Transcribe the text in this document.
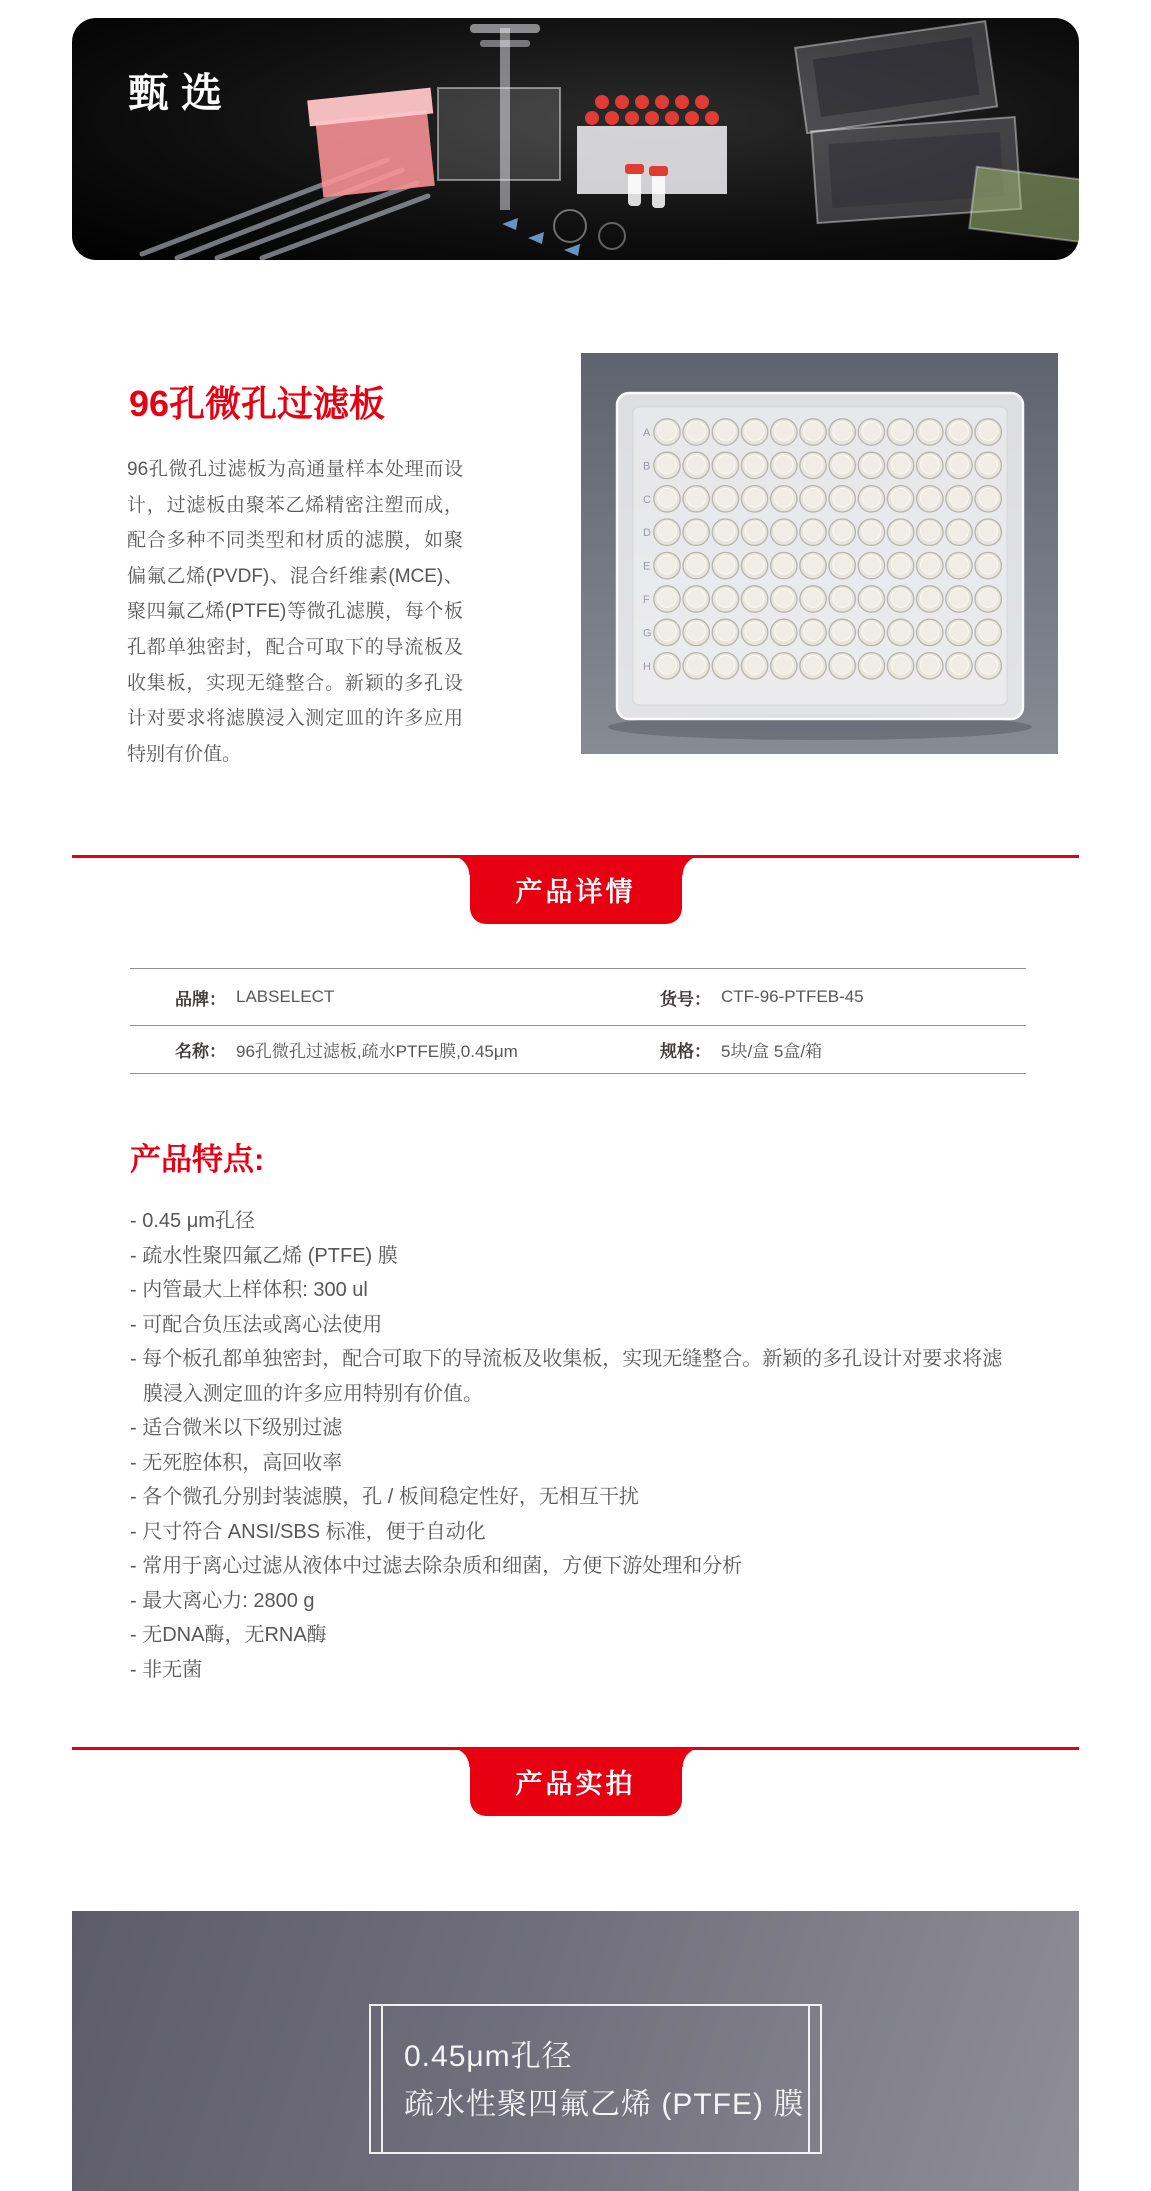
甄选
96孔微孔过滤板

96孔微孔过滤板为高通量样本处理而设计，过滤板由聚苯乙烯精密注塑而成，配合多种不同类型和材质的滤膜，如聚偏氟乙烯(PVDF)、混合纤维素(MCE)、聚四氟乙烯(PTFE)等微孔滤膜，每个板孔都单独密封，配合可取下的导流板及收集板，实现无缝整合。新颖的多孔设计对要求将滤膜浸入测定皿的许多应用特别有价值。

A
B
C
D
E
F
G
H
产品详情
品牌： LABSELECT	货号： CTF-96-PTFEB-45
名称： 96孔微孔过滤板,疏水PTFE膜,0.45μm	规格： 5块/盒 5盒/箱
产品特点:
- 0.45 μm孔径
- 疏水性聚四氟乙烯 (PTFE) 膜
- 内管最大上样体积: 300 ul
- 可配合负压法或离心法使用
- 每个板孔都单独密封，配合可取下的导流板及收集板，实现无缝整合。新颖的多孔设计对要求将滤膜浸入测定皿的许多应用特别有价值。
- 适合微米以下级别过滤
- 无死腔体积，高回收率
- 各个微孔分别封装滤膜，孔 / 板间稳定性好，无相互干扰
- 尺寸符合 ANSI/SBS 标准，便于自动化
- 常用于离心过滤从液体中过滤去除杂质和细菌，方便下游处理和分析
- 最大离心力: 2800 g
- 无DNA酶，无RNA酶
- 非无菌
产品实拍

0.45μm孔径

疏水性聚四氟乙烯 (PTFE) 膜
